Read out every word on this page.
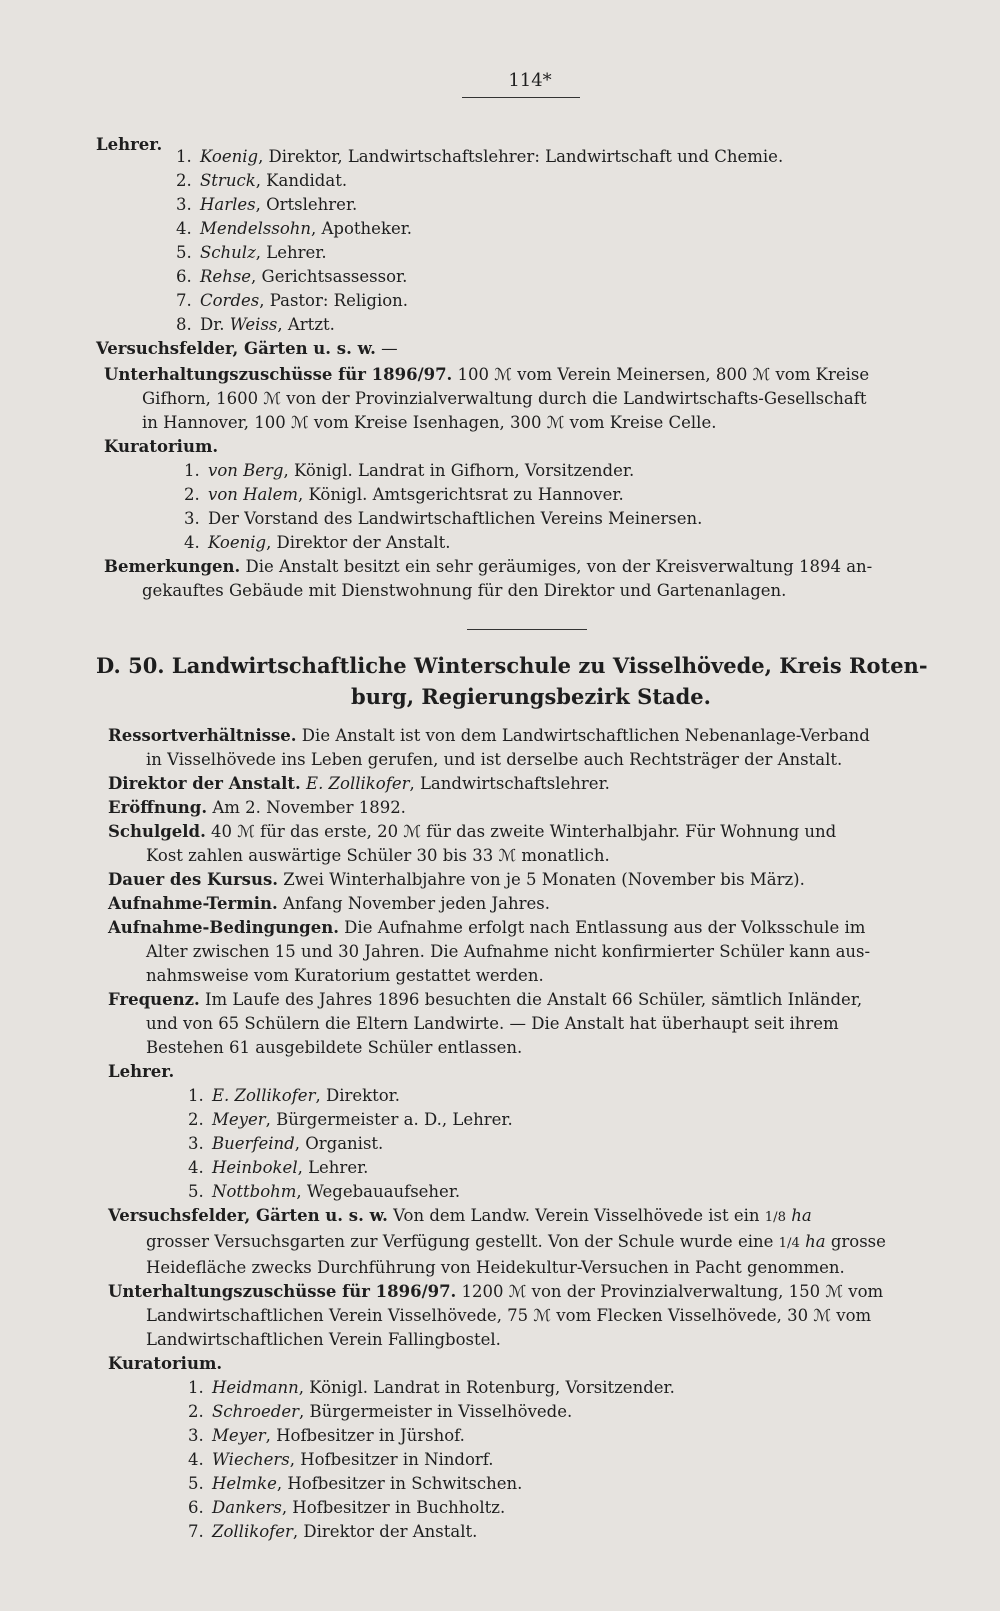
114*
Lehrer.
1. Koenig, Direktor, Landwirtschaftslehrer: Landwirtschaft und Chemie.
2. Struck, Kandidat.
3. Harles, Ortslehrer.
4. Mendelssohn, Apotheker.
5. Schulz, Lehrer.
6. Rehse, Gerichtsassessor.
7. Cordes, Pastor: Religion.
8. Dr. Weiss, Artzt.
Versuchsfelder, Gärten u. s. w. —
Unterhaltungszuschüsse für 1896/97. 100 ℳ vom Verein Meinersen, 800 ℳ vom Kreise
Gifhorn, 1600 ℳ von der Provinzialverwaltung durch die Landwirtschafts-Gesellschaft
in Hannover, 100 ℳ vom Kreise Isenhagen, 300 ℳ vom Kreise Celle.
Kuratorium.
1. von Berg, Königl. Landrat in Gifhorn, Vorsitzender.
2. von Halem, Königl. Amtsgerichtsrat zu Hannover.
3. Der Vorstand des Landwirtschaftlichen Vereins Meinersen.
4. Koenig, Direktor der Anstalt.
Bemerkungen. Die Anstalt besitzt ein sehr geräumiges, von der Kreisverwaltung 1894 an-
gekauftes Gebäude mit Dienstwohnung für den Direktor und Gartenanlagen.
D. 50. Landwirtschaftliche Winterschule zu Visselhövede, Kreis Roten-
burg, Regierungsbezirk Stade.
Ressortverhältnisse. Die Anstalt ist von dem Landwirtschaftlichen Nebenanlage-Verband
in Visselhövede ins Leben gerufen, und ist derselbe auch Rechtsträger der Anstalt.
Direktor der Anstalt. E. Zollikofer, Landwirtschaftslehrer.
Eröffnung. Am 2. November 1892.
Schulgeld. 40 ℳ für das erste, 20 ℳ für das zweite Winterhalbjahr. Für Wohnung und
Kost zahlen auswärtige Schüler 30 bis 33 ℳ monatlich.
Dauer des Kursus. Zwei Winterhalbjahre von je 5 Monaten (November bis März).
Aufnahme-Termin. Anfang November jeden Jahres.
Aufnahme-Bedingungen. Die Aufnahme erfolgt nach Entlassung aus der Volksschule im
Alter zwischen 15 und 30 Jahren. Die Aufnahme nicht konfirmierter Schüler kann aus-
nahmsweise vom Kuratorium gestattet werden.
Frequenz. Im Laufe des Jahres 1896 besuchten die Anstalt 66 Schüler, sämtlich Inländer,
und von 65 Schülern die Eltern Landwirte. — Die Anstalt hat überhaupt seit ihrem
Bestehen 61 ausgebildete Schüler entlassen.
Lehrer.
1. E. Zollikofer, Direktor.
2. Meyer, Bürgermeister a. D., Lehrer.
3. Buerfeind, Organist.
4. Heinbokel, Lehrer.
5. Nottbohm, Wegebauaufseher.
Versuchsfelder, Gärten u. s. w. Von dem Landw. Verein Visselhövede ist ein 1/8 ha
grosser Versuchsgarten zur Verfügung gestellt. Von der Schule wurde eine 1/4 ha grosse
Heidefläche zwecks Durchführung von Heidekultur-Versuchen in Pacht genommen.
Unterhaltungszuschüsse für 1896/97. 1200 ℳ von der Provinzialverwaltung, 150 ℳ vom
Landwirtschaftlichen Verein Visselhövede, 75 ℳ vom Flecken Visselhövede, 30 ℳ vom
Landwirtschaftlichen Verein Fallingbostel.
Kuratorium.
1. Heidmann, Königl. Landrat in Rotenburg, Vorsitzender.
2. Schroeder, Bürgermeister in Visselhövede.
3. Meyer, Hofbesitzer in Jürshof.
4. Wiechers, Hofbesitzer in Nindorf.
5. Helmke, Hofbesitzer in Schwitschen.
6. Dankers, Hofbesitzer in Buchholtz.
7. Zollikofer, Direktor der Anstalt.
